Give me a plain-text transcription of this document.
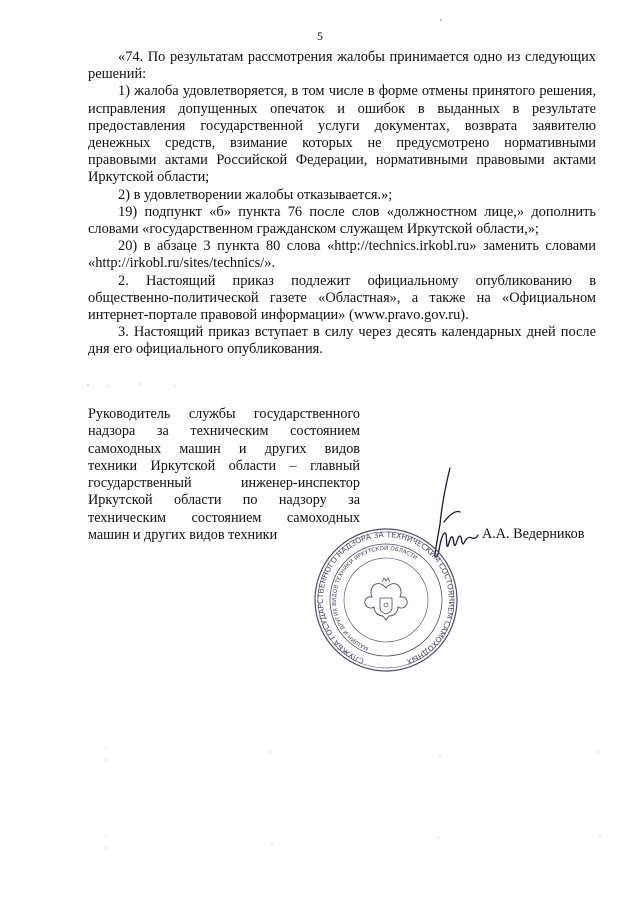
5

«74. По результатам рассмотрения жалобы принимается одно из следующих решений:

1) жалоба удовлетворяется, в том числе в форме отмены принятого решения, исправления допущенных опечаток и ошибок в выданных в результате предоставления государственной услуги документах, возврата заявителю денежных средств, взимание которых не предусмотрено нормативными правовыми актами Российской Федерации, нормативными правовыми актами Иркутской области;

2) в удовлетворении жалобы отказывается.»;

19) подпункт «б» пункта 76 после слов «должностном лице,» дополнить словами «государственном гражданском служащем Иркутской области,»;

20) в абзаце 3 пункта 80 слова «http://technics.irkobl.ru» заменить словами «http://irkobl.ru/sites/technics/».

2. Настоящий приказ подлежит официальному опубликованию в общественно-политической газете «Областная», а также на «Официальном интернет-портале правовой информации» (www.pravo.gov.ru).

3. Настоящий приказ вступает в силу через десять календарных дней после дня его официального опубликования.

Руководитель службы государственного
надзора за техническим состоянием
самоходных машин и других видов
техники Иркутской области – главный
государственный инженер-инспектор
Иркутской области по надзору за
техническим состоянием самоходных
машин и других видов техники	А.А. Ведерников
СЛУЖБА ГОСУДАРСТВЕННОГО НАДЗОРА ЗА ТЕХНИЧЕСКИМ СОСТОЯНИЕМ САМОХОДНЫХ
МАШИН И ДРУГИХ ВИДОВ ТЕХНИКИ ИРКУТСКОЙ ОБЛАСТИ
